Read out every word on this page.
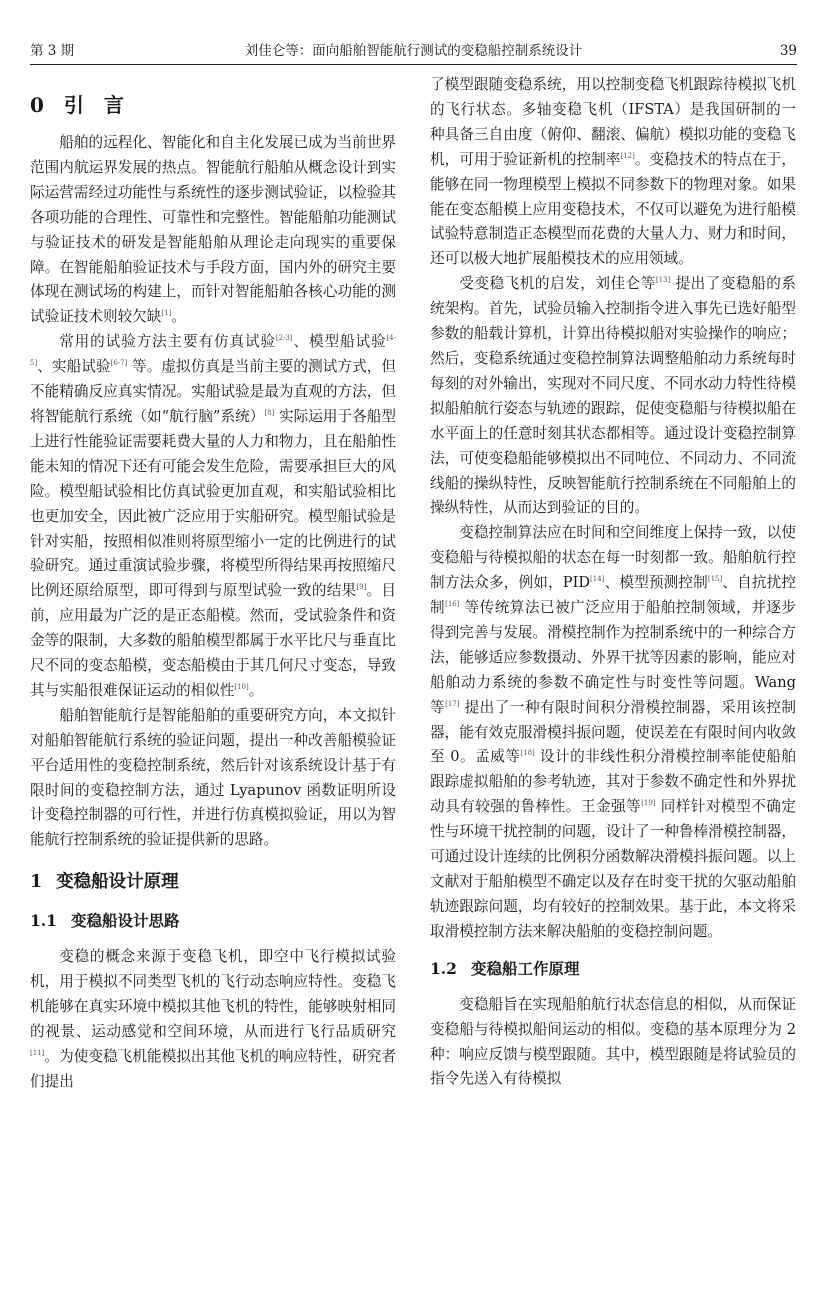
第 3 期	刘佳仑等：面向船舶智能航行测试的变稳船控制系统设计	39
0 引　言

船舶的远程化、智能化和自主化发展已成为当前世界范围内航运界发展的热点。智能航行船舶从概念设计到实际运营需经过功能性与系统性的逐步测试验证，以检验其各项功能的合理性、可靠性和完整性。智能船舶功能测试与验证技术的研发是智能船舶从理论走向现实的重要保障。在智能船舶验证技术与手段方面，国内外的研究主要体现在测试场的构建上，而针对智能船舶各核心功能的测试验证技术则较欠缺[1]。

常用的试验方法主要有仿真试验[2-3]、模型船试验[4-5]、实船试验[6-7] 等。虚拟仿真是当前主要的测试方式，但不能精确反应真实情况。实船试验是最为直观的方法，但将智能航行系统（如“航行脑”系统）[8] 实际运用于各船型上进行性能验证需要耗费大量的人力和物力，且在船舶性能未知的情况下还有可能会发生危险，需要承担巨大的风险。模型船试验相比仿真试验更加直观，和实船试验相比也更加安全，因此被广泛应用于实船研究。模型船试验是针对实船，按照相似准则将原型缩小一定的比例进行的试验研究。通过重演试验步骤，将模型所得结果再按照缩尺比例还原给原型，即可得到与原型试验一致的结果[9]。目前，应用最为广泛的是正态船模。然而，受试验条件和资金等的限制，大多数的船舶模型都属于水平比尺与垂直比尺不同的变态船模，变态船模由于其几何尺寸变态，导致其与实船很难保证运动的相似性[10]。

船舶智能航行是智能船舶的重要研究方向，本文拟针对船舶智能航行系统的验证问题，提出一种改善船模验证平台适用性的变稳控制系统，然后针对该系统设计基于有限时间的变稳控制方法，通过 Lyapunov 函数证明所设计变稳控制器的可行性，并进行仿真模拟验证，用以为智能航行控制系统的验证提供新的思路。

1 变稳船设计原理
1.1 变稳船设计思路

变稳的概念来源于变稳飞机，即空中飞行模拟试验机，用于模拟不同类型飞机的飞行动态响应特性。变稳飞机能够在真实环境中模拟其他飞机的特性，能够映射相同的视景、运动感觉和空间环境，从而进行飞行品质研究[11]。为使变稳飞机能模拟出其他飞机的响应特性，研究者们提出

了模型跟随变稳系统，用以控制变稳飞机跟踪待模拟飞机的飞行状态。多轴变稳飞机（IFSTA）是我国研制的一种具备三自由度（俯仰、翻滚、偏航）模拟功能的变稳飞机，可用于验证新机的控制率[12]。变稳技术的特点在于，能够在同一物理模型上模拟不同参数下的物理对象。如果能在变态船模上应用变稳技术，不仅可以避免为进行船模试验特意制造正态模型而花费的大量人力、财力和时间，还可以极大地扩展船模技术的应用领域。

受变稳飞机的启发，刘佳仑等[13] 提出了变稳船的系统架构。首先，试验员输入控制指令进入事先已选好船型参数的船载计算机，计算出待模拟船对实验操作的响应；然后，变稳系统通过变稳控制算法调整船舶动力系统每时每刻的对外输出，实现对不同尺度、不同水动力特性待模拟船舶航行姿态与轨迹的跟踪，促使变稳船与待模拟船在水平面上的任意时刻其状态都相等。通过设计变稳控制算法，可使变稳船能够模拟出不同吨位、不同动力、不同流线船的操纵特性，反映智能航行控制系统在不同船舶上的操纵特性，从而达到验证的目的。

变稳控制算法应在时间和空间维度上保持一致，以使变稳船与待模拟船的状态在每一时刻都一致。船舶航行控制方法众多，例如，PID[14]、模型预测控制[15]、自抗扰控制[16] 等传统算法已被广泛应用于船舶控制领域，并逐步得到完善与发展。滑模控制作为控制系统中的一种综合方法，能够适应参数摄动、外界干扰等因素的影响，能应对船舶动力系统的参数不确定性与时变性等问题。Wang 等[17] 提出了一种有限时间积分滑模控制器，采用该控制器，能有效克服滑模抖振问题，使误差在有限时间内收敛至 0。孟威等[18] 设计的非线性积分滑模控制率能使船舶跟踪虚拟船舶的参考轨迹，其对于参数不确定性和外界扰动具有较强的鲁棒性。王金强等[19] 同样针对模型不确定性与环境干扰控制的问题，设计了一种鲁棒滑模控制器，可通过设计连续的比例积分函数解决滑模抖振问题。以上文献对于船舶模型不确定以及存在时变干扰的欠驱动船舶轨迹跟踪问题，均有较好的控制效果。基于此，本文将采取滑模控制方法来解决船舶的变稳控制问题。

1.2 变稳船工作原理

变稳船旨在实现船舶航行状态信息的相似，从而保证变稳船与待模拟船间运动的相似。变稳的基本原理分为 2 种：响应反馈与模型跟随。其中，模型跟随是将试验员的指令先送入有待模拟
